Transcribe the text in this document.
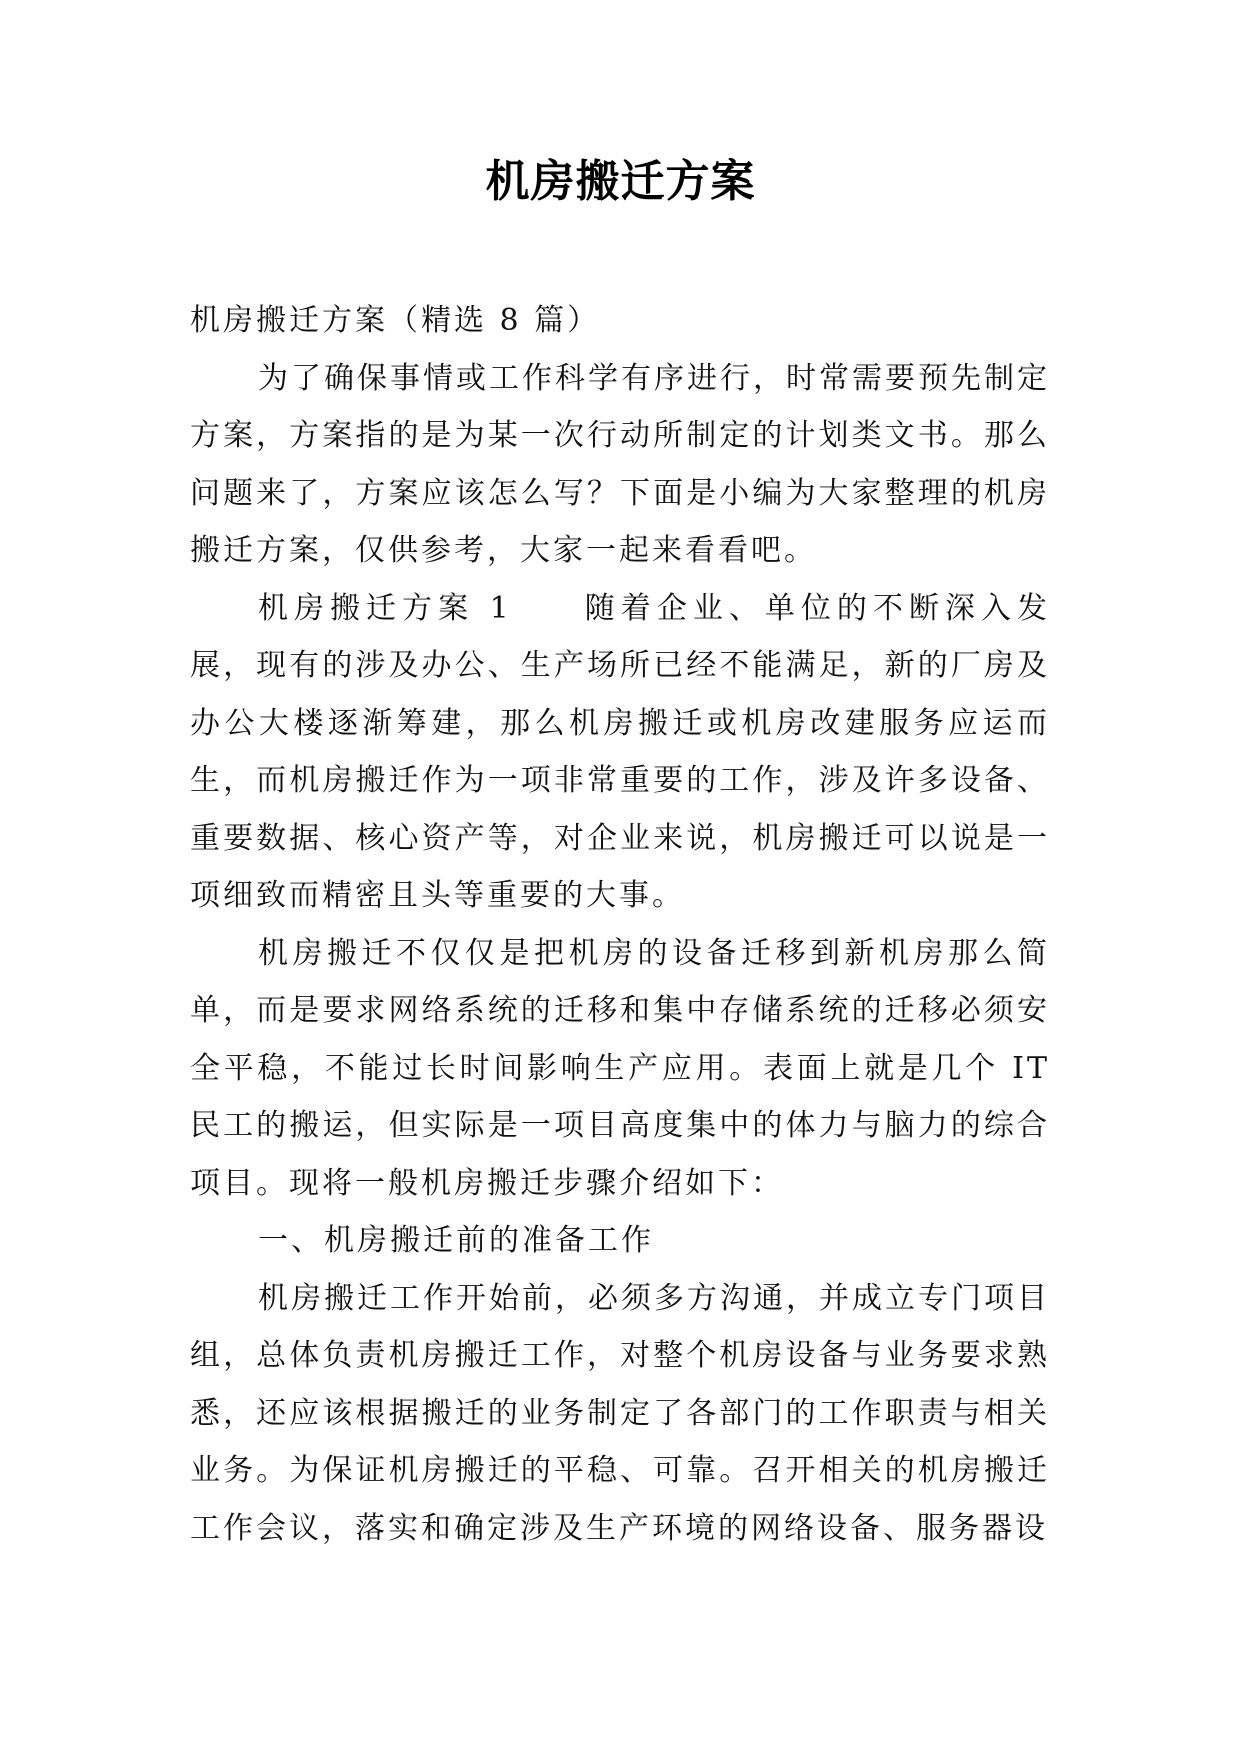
机房搬迁方案

机房搬迁方案（精选 8 篇）

为了确保事情或工作科学有序进行，时常需要预先制定方案，方案指的是为某一次行动所制定的计划类文书。那么问题来了，方案应该怎么写？下面是小编为大家整理的机房搬迁方案，仅供参考，大家一起来看看吧。

机房搬迁方案 1 随着企业、单位的不断深入发展，现有的涉及办公、生产场所已经不能满足，新的厂房及办公大楼逐渐筹建，那么机房搬迁或机房改建服务应运而生，而机房搬迁作为一项非常重要的工作，涉及许多设备、重要数据、核心资产等，对企业来说，机房搬迁可以说是一项细致而精密且头等重要的大事。

机房搬迁不仅仅是把机房的设备迁移到新机房那么简单，而是要求网络系统的迁移和集中存储系统的迁移必须安全平稳，不能过长时间影响生产应用。表面上就是几个 IT 民工的搬运，但实际是一项目高度集中的体力与脑力的综合项目。现将一般机房搬迁步骤介绍如下：

一、机房搬迁前的准备工作

机房搬迁工作开始前，必须多方沟通，并成立专门项目组，总体负责机房搬迁工作，对整个机房设备与业务要求熟悉，还应该根据搬迁的业务制定了各部门的工作职责与相关业务。为保证机房搬迁的平稳、可靠。召开相关的机房搬迁工作会议，落实和确定涉及生产环境的网络设备、服务器设
